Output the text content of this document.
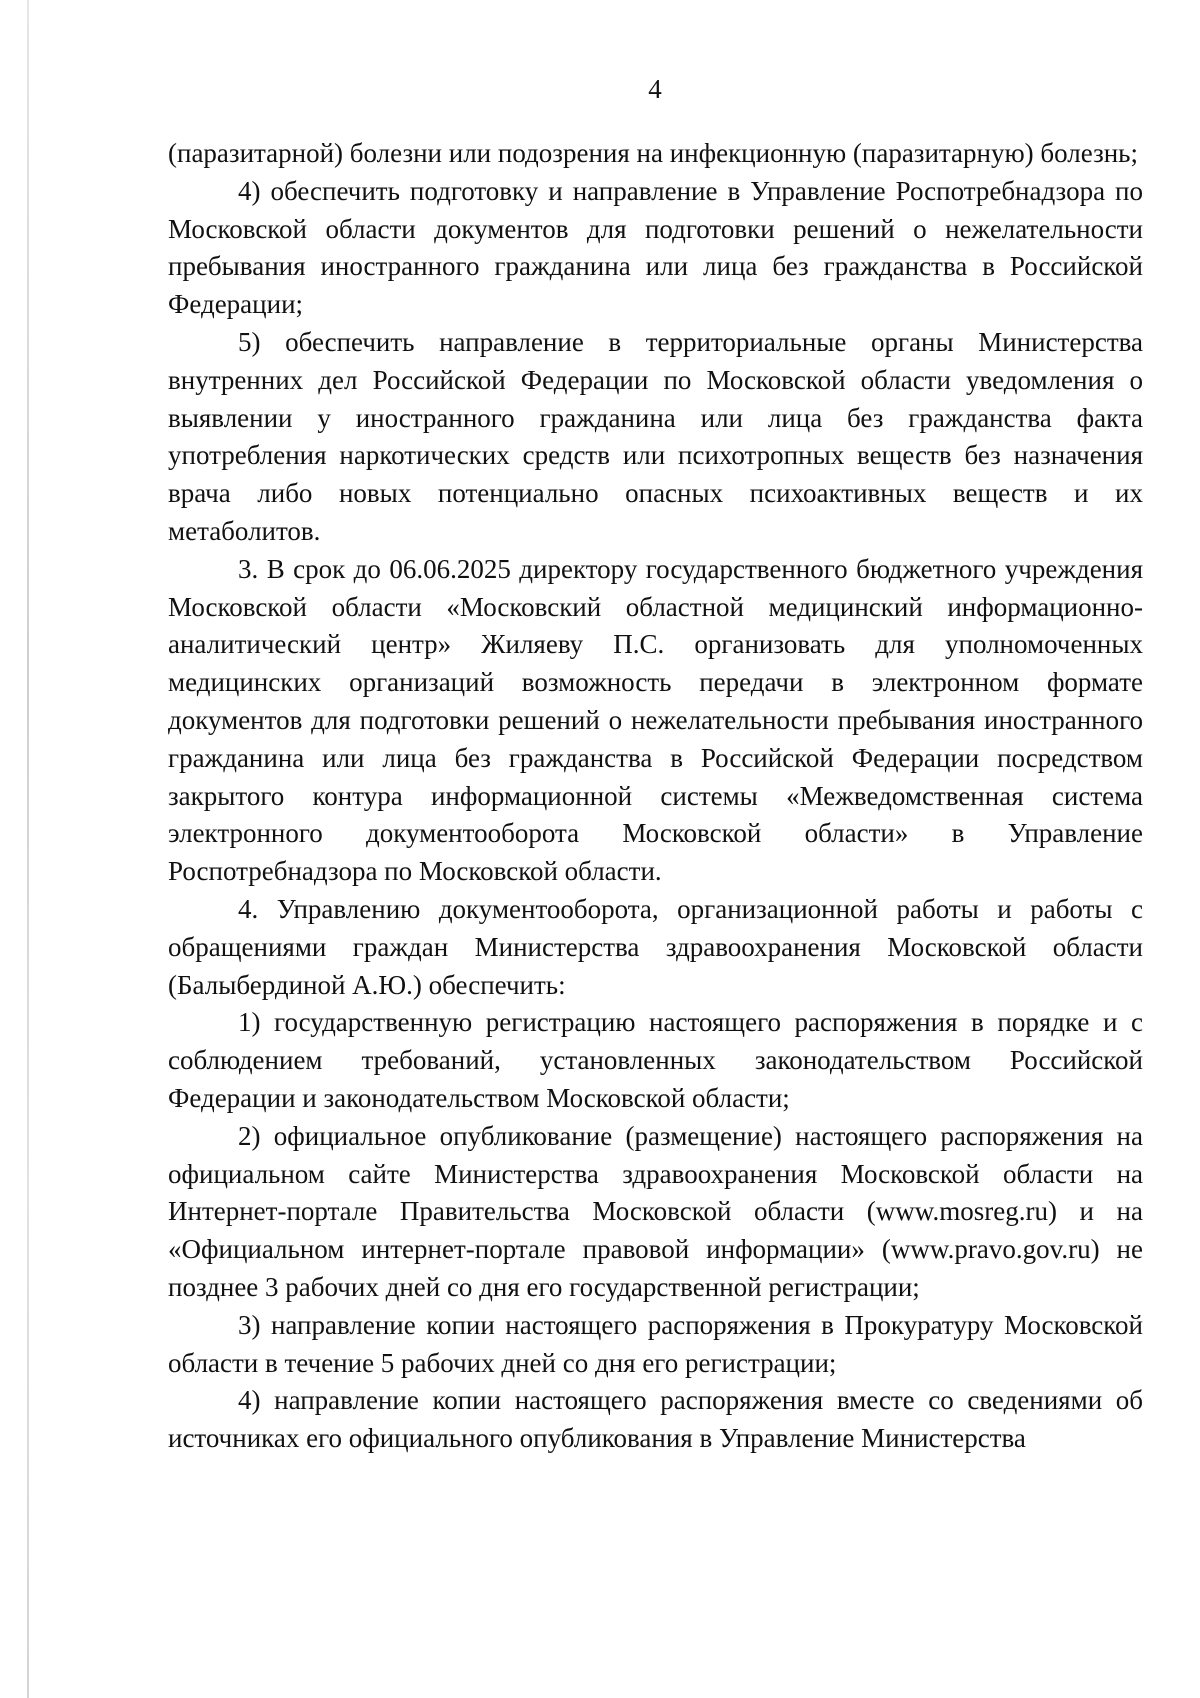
4

(паразитарной) болезни или подозрения на инфекционную (паразитарную) болезнь;

4) обеспечить подготовку и направление в Управление Роспотребнадзора по Московской области документов для подготовки решений о нежелательности пребывания иностранного гражданина или лица без гражданства в Российской Федерации;

5) обеспечить направление в территориальные органы Министерства внутренних дел Российской Федерации по Московской области уведомления о выявлении у иностранного гражданина или лица без гражданства факта употребления наркотических средств или психотропных веществ без назначения врача либо новых потенциально опасных психоактивных веществ и их метаболитов.

3. В срок до 06.06.2025 директору государственного бюджетного учреждения Московской области «Московский областной медицинский информационно-аналитический центр» Жиляеву П.С. организовать для уполномоченных медицинских организаций возможность передачи в электронном формате документов для подготовки решений о нежелательности пребывания иностранного гражданина или лица без гражданства в Российской Федерации посредством закрытого контура информационной системы «Межведомственная система электронного документооборота Московской области» в Управление Роспотребнадзора по Московской области.

4. Управлению документооборота, организационной работы и работы с обращениями граждан Министерства здравоохранения Московской области (Балыбердиной А.Ю.) обеспечить:

1) государственную регистрацию настоящего распоряжения в порядке и с соблюдением требований, установленных законодательством Российской Федерации и законодательством Московской области;

2) официальное опубликование (размещение) настоящего распоряжения на официальном сайте Министерства здравоохранения Московской области на Интернет-портале Правительства Московской области (www.mosreg.ru) и на «Официальном интернет-портале правовой информации» (www.pravo.gov.ru) не позднее 3 рабочих дней со дня его государственной регистрации;

3) направление копии настоящего распоряжения в Прокуратуру Московской области в течение 5 рабочих дней со дня его регистрации;

4) направление копии настоящего распоряжения вместе со сведениями об источниках его официального опубликования в Управление Министерства
